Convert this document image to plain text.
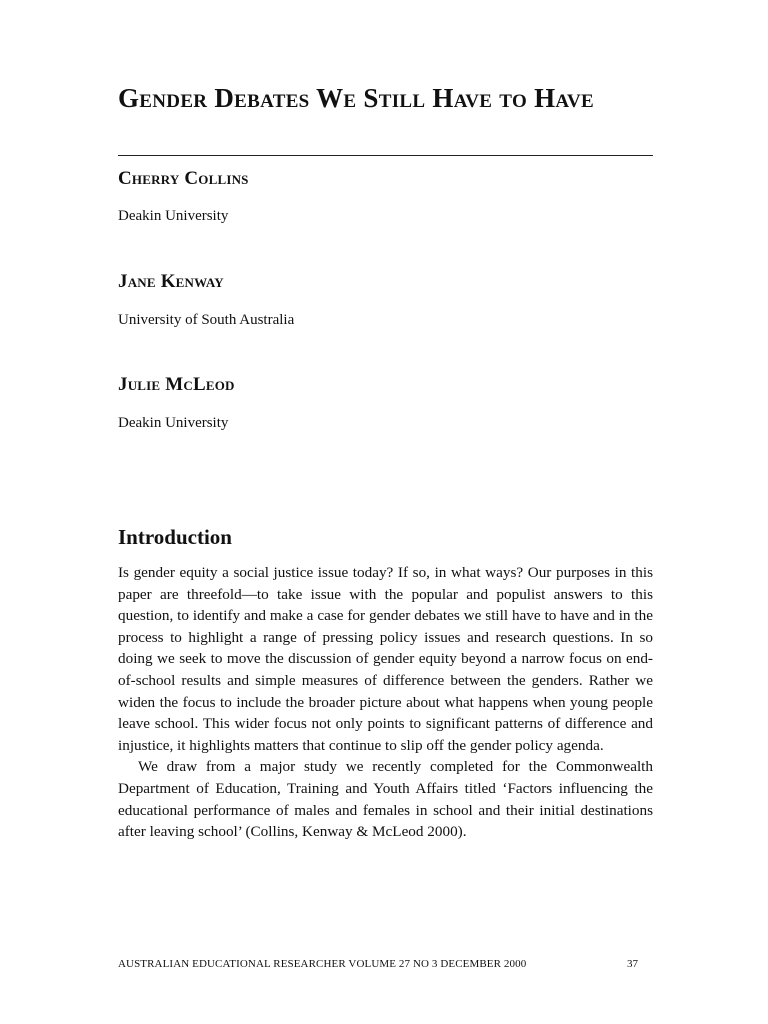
Gender Debates We Still Have to Have
Cherry Collins
Deakin University
Jane Kenway
University of South Australia
Julie McLeod
Deakin University
Introduction

Is gender equity a social justice issue today? If so, in what ways? Our purposes in this paper are threefold—to take issue with the popular and populist answers to this question, to identify and make a case for gender debates we still have to have and in the process to highlight a range of pressing policy issues and research questions. In so doing we seek to move the discussion of gender equity beyond a narrow focus on end-of-school results and simple measures of difference between the genders. Rather we widen the focus to include the broader picture about what happens when young people leave school. This wider focus not only points to significant patterns of difference and injustice, it highlights matters that continue to slip off the gender policy agenda.

We draw from a major study we recently completed for the Commonwealth Department of Education, Training and Youth Affairs titled ‘Factors influencing the educational performance of males and females in school and their initial destinations after leaving school’ (Collins, Kenway & McLeod 2000).

AUSTRALIAN EDUCATIONAL RESEARCHER VOLUME 27 NO 3 DECEMBER 2000	37
